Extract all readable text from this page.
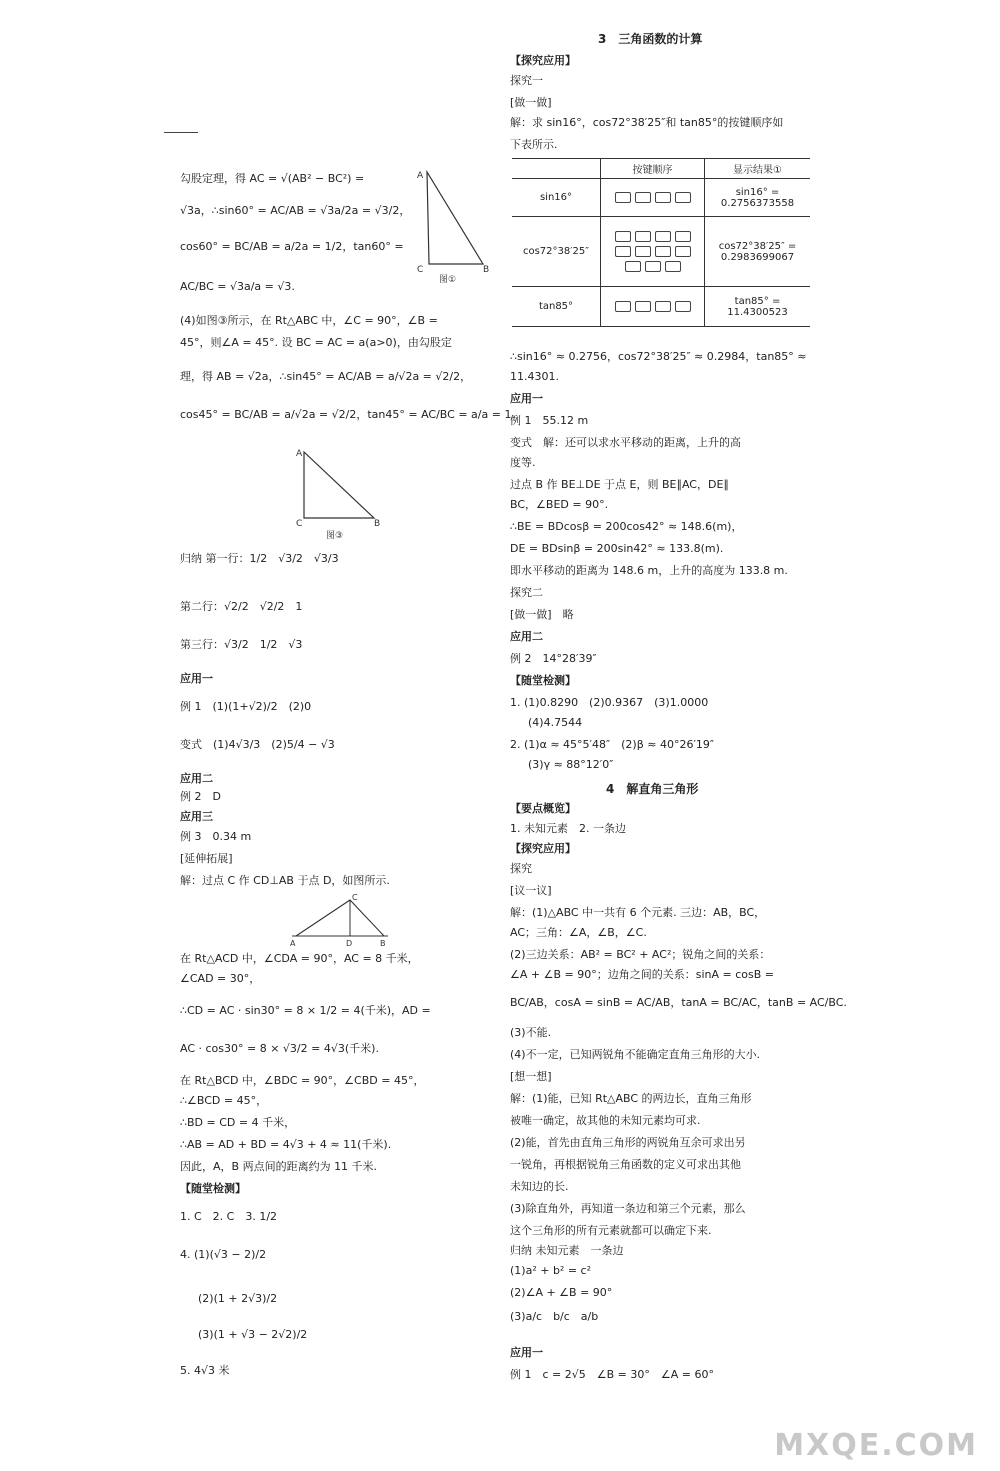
3　三角函数的计算
勾股定理，得 AC = √(AB² − BC²) =
√3a，∴sin60° = AC/AB = √3a/2a = √3/2，
cos60° = BC/AB = a/2a = 1/2，tan60° =
AC/BC = √3a/a = √3.
(4)如图③所示，在 Rt△ABC 中，∠C = 90°，∠B =
45°，则∠A = 45°. 设 BC = AC = a(a>0)，由勾股定
理，得 AB = √2a，∴sin45° = AC/AB = a/√2a = √2/2，
cos45° = BC/AB = a/√2a = √2/2，tan45° = AC/BC = a/a = 1.
归纳 第一行：1/2　√3/2　√3/3
第二行：√2/2　√2/2　1
第三行：√3/2　1/2　√3
应用一
例 1　(1)(1+√2)/2　(2)0
变式　(1)4√3/3　(2)5/4 − √3
应用二
例 2　D
应用三
例 3　0.34 m
[延伸拓展]
解：过点 C 作 CD⊥AB 于点 D，如图所示.
在 Rt△ACD 中，∠CDA = 90°，AC = 8 千米，
∠CAD = 30°，
∴CD = AC · sin30° = 8 × 1/2 = 4(千米)，AD =
AC · cos30° = 8 × √3/2 = 4√3(千米).
在 Rt△BCD 中，∠BDC = 90°，∠CBD = 45°，
∴∠BCD = 45°，
∴BD = CD = 4 千米，
∴AB = AD + BD = 4√3 + 4 ≈ 11(千米).
因此，A，B 两点间的距离约为 11 千米.
【随堂检测】
1. C　2. C　3. 1/2
4. (1)(√3 − 2)/2
(2)(1 + 2√3)/2
(3)(1 + √3 − 2√2)/2
5. 4√3 米
A
C	B
图①
A
C	B
图③
A
C
D	B
【探究应用】
探究一
[做一做]
解：求 sin16°，cos72°38′25″和 tan85°的按键顺序如
下表所示.
	按键顺序	显示结果①
sin16°		sin16° = 0.2756373558
cos72°38′25″		cos72°38′25″ = 0.2983699067
tan85°		tan85° = 11.4300523
∴sin16° ≈ 0.2756，cos72°38′25″ ≈ 0.2984，tan85° ≈
11.4301.
应用一
例 1　55.12 m
变式　解：还可以求水平移动的距离，上升的高
度等.
过点 B 作 BE⊥DE 于点 E，则 BE∥AC，DE∥
BC，∠BED = 90°.
∴BE = BDcosβ = 200cos42° ≈ 148.6(m)，
DE = BDsinβ = 200sin42° ≈ 133.8(m).
即水平移动的距离为 148.6 m，上升的高度为 133.8 m.
探究二
[做一做]　略
应用二
例 2　14°28′39″
【随堂检测】
1. (1)0.8290　(2)0.9367　(3)1.0000
(4)4.7544
2. (1)α ≈ 45°5′48″　(2)β ≈ 40°26′19″
(3)γ ≈ 88°12′0″
4　解直角三角形
【要点概览】
1. 未知元素　2. 一条边
【探究应用】
探究
[议一议]
解：(1)△ABC 中一共有 6 个元素. 三边：AB，BC，
AC；三角：∠A，∠B，∠C.
(2)三边关系：AB² = BC² + AC²；锐角之间的关系：
∠A + ∠B = 90°；边角之间的关系：sinA = cosB =
BC/AB，cosA = sinB = AC/AB，tanA = BC/AC，tanB = AC/BC.
(3)不能.
(4)不一定，已知两锐角不能确定直角三角形的大小.
[想一想]
解：(1)能，已知 Rt△ABC 的两边长，直角三角形
被唯一确定，故其他的未知元素均可求.
(2)能，首先由直角三角形的两锐角互余可求出另
一锐角，再根据锐角三角函数的定义可求出其他
未知边的长.
(3)除直角外，再知道一条边和第三个元素，那么
这个三角形的所有元素就都可以确定下来.
归纳 未知元素　一条边
(1)a² + b² = c²
(2)∠A + ∠B = 90°
(3)a/c　b/c　a/b
应用一
例 1　c = 2√5　∠B = 30°　∠A = 60°
MXQE.COM
